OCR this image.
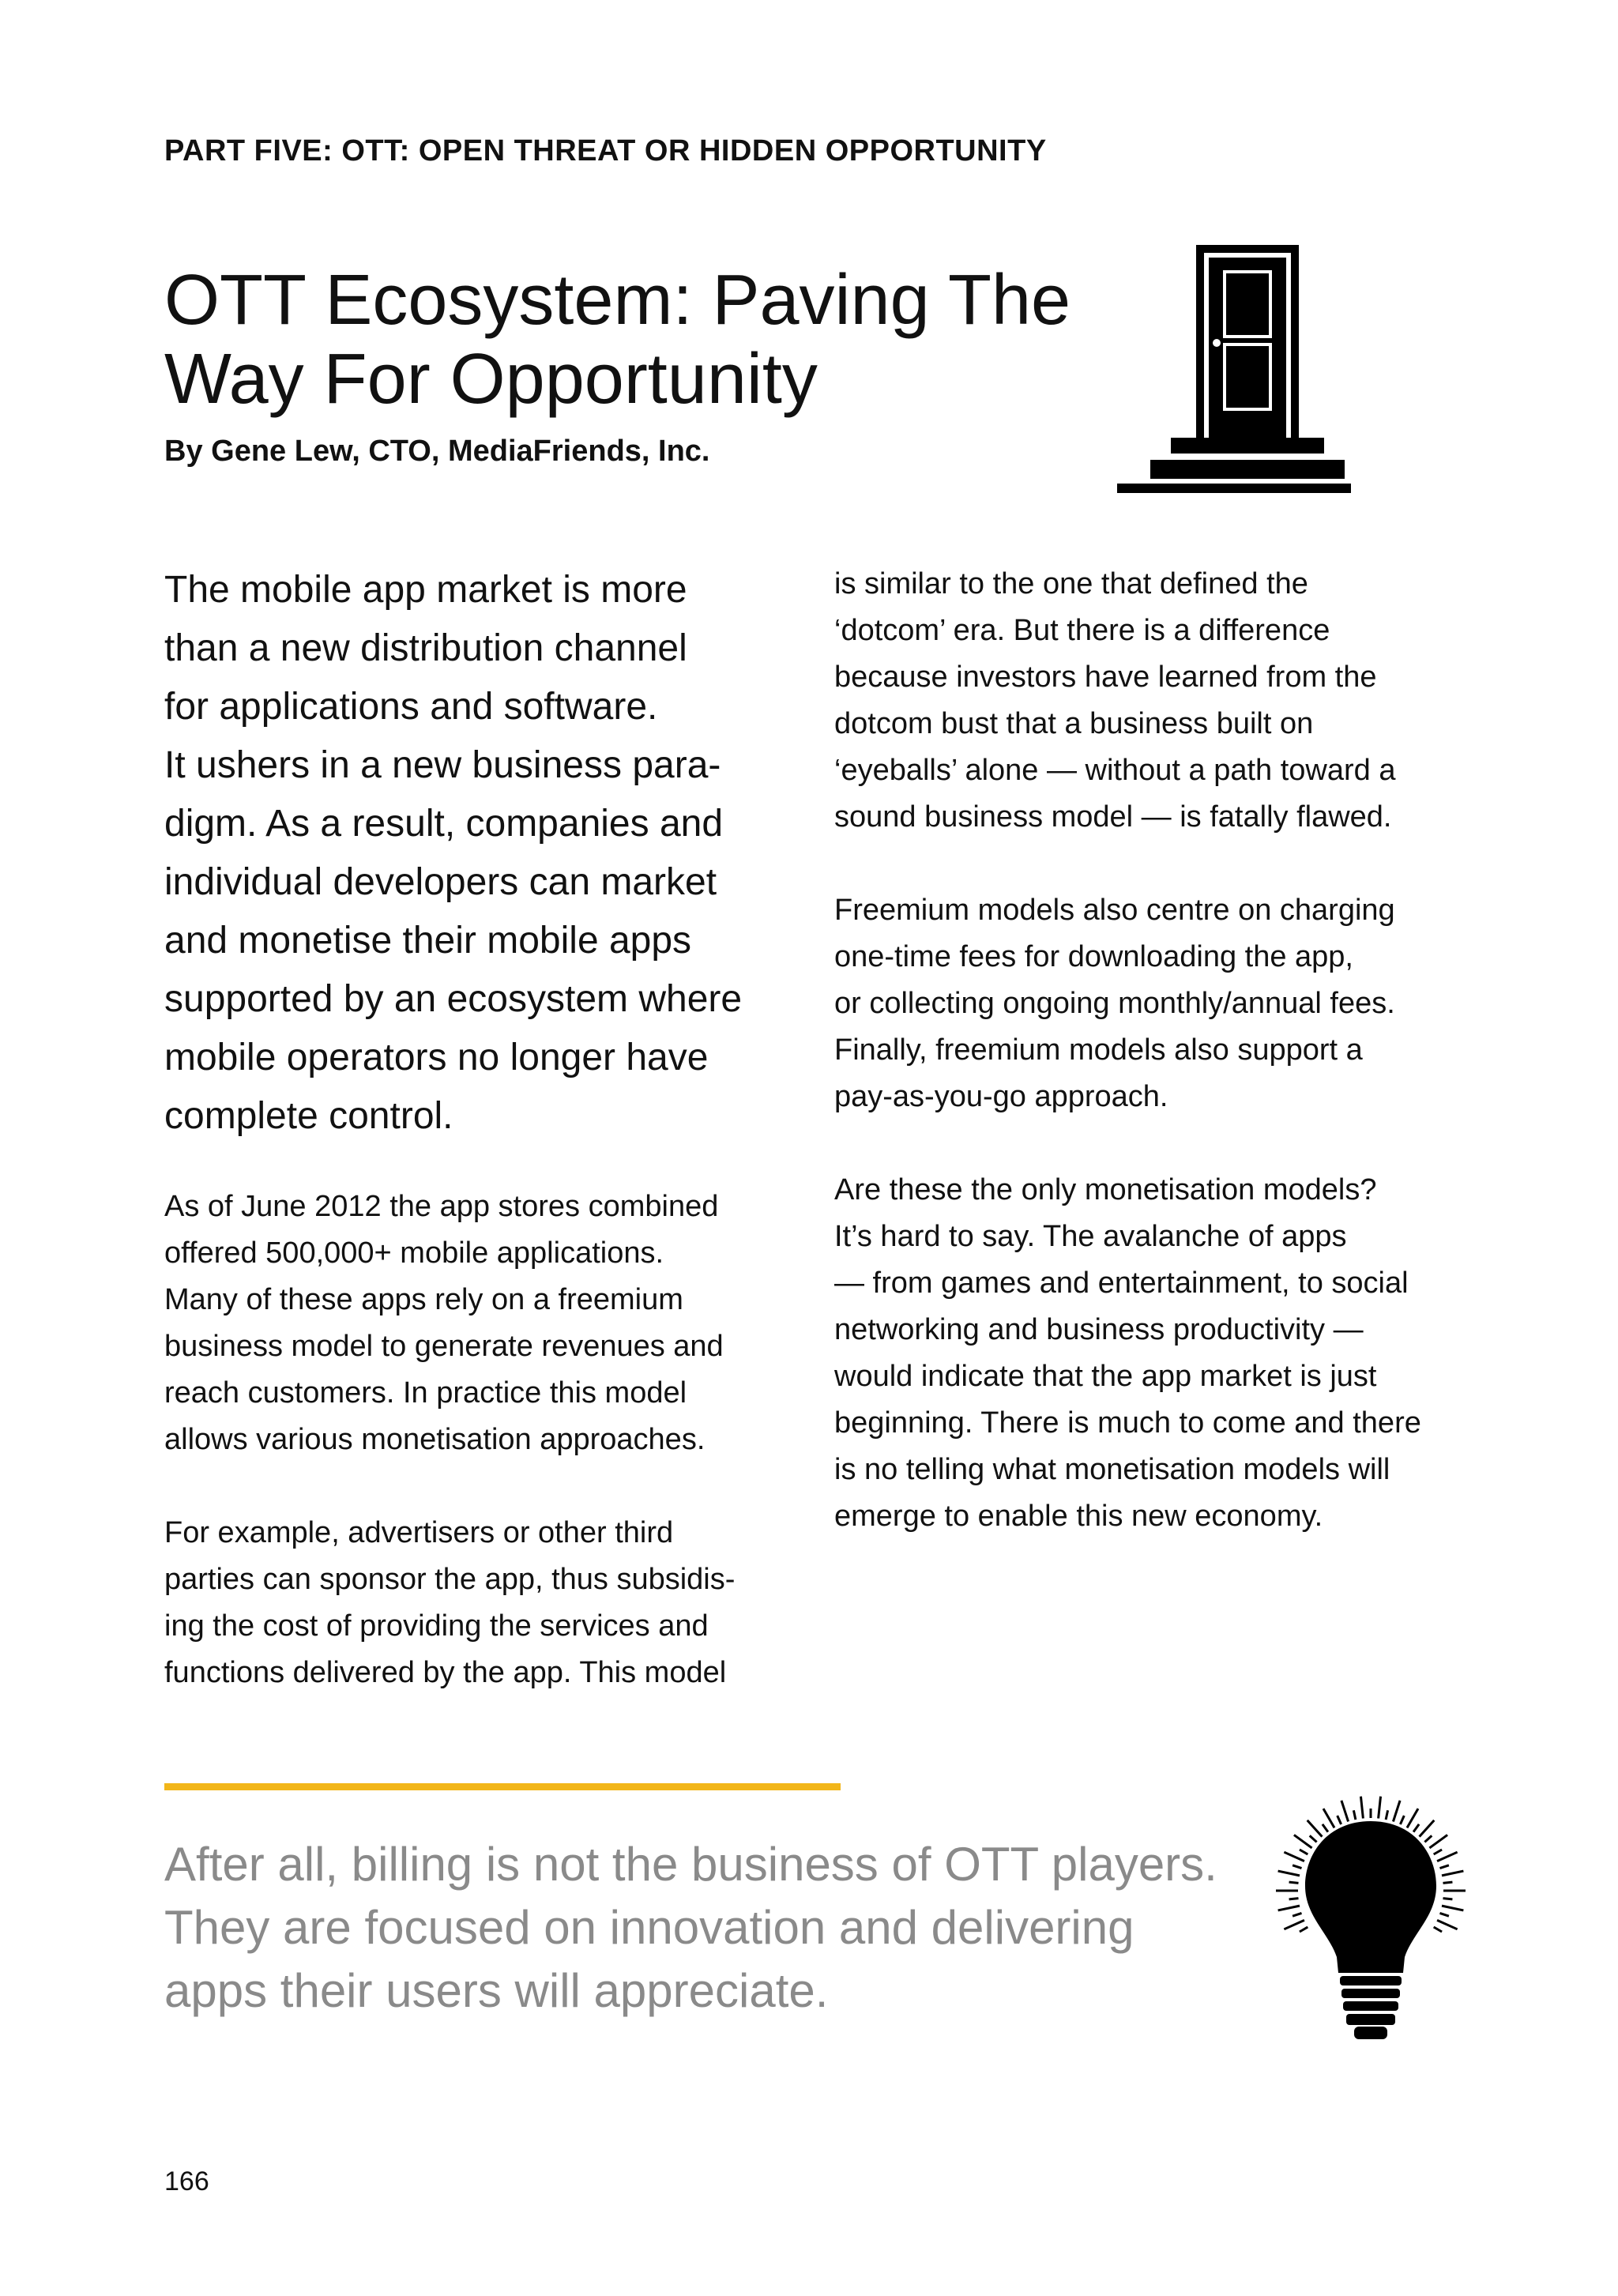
PART FIVE: OTT: OPEN THREAT OR HIDDEN OPPORTUNITY
OTT Ecosystem: Paving The
Way For Opportunity
By Gene Lew, CTO, MediaFriends, Inc.

The mobile app market is more
than a new distribution channel
for applications and software.
It ushers in a new business para-
digm. As a result, companies and
individual developers can market
and monetise their mobile apps
supported by an ecosystem where
mobile operators no longer have
complete control.

As of June 2012 the app stores combined
offered 500,000+ mobile applications.
Many of these apps rely on a freemium
business model to generate revenues and
reach customers. In practice this model
allows various monetisation approaches.

For example, advertisers or other third
parties can sponsor the app, thus subsidis-
ing the cost of providing the services and
functions delivered by the app. This model

is similar to the one that defined the
‘dotcom’ era. But there is a difference
because investors have learned from the
dotcom bust that a business built on
‘eyeballs’ alone — without a path toward a
sound business model — is fatally flawed.

Freemium models also centre on charging
one-time fees for downloading the app,
or collecting ongoing monthly/annual fees.
Finally, freemium models also support a
pay-as-you-go approach.

Are these the only monetisation models?
It’s hard to say. The avalanche of apps
— from games and entertainment, to social
networking and business productivity —
would indicate that the app market is just
beginning. There is much to come and there
is no telling what monetisation models will
emerge to enable this new economy.

After all, billing is not the business of OTT players.
They are focused on innovation and delivering
apps their users will appreciate.

166
